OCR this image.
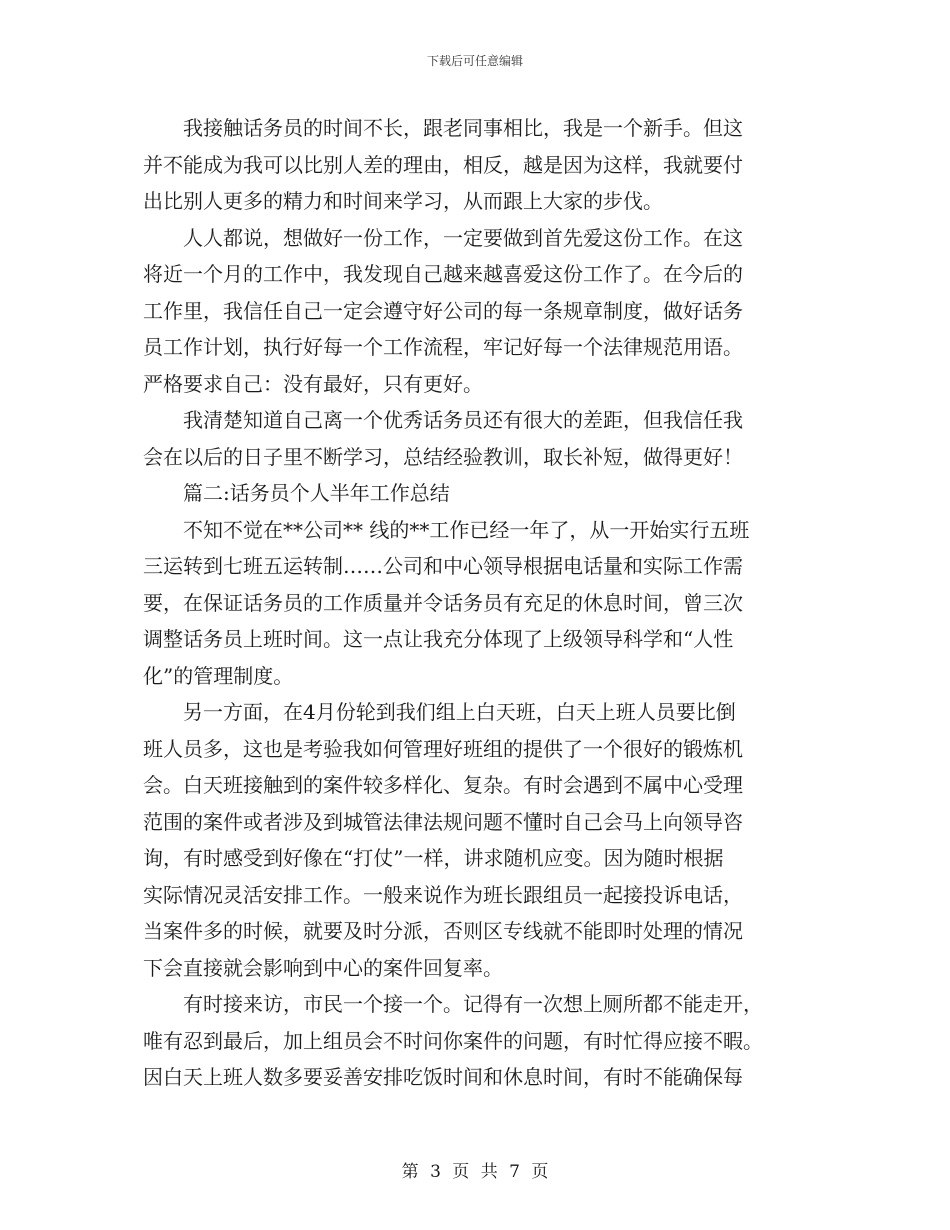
下载后可任意编辑
我接触话务员的时间不长，跟老同事相比，我是一个新手。但这
并不能成为我可以比别人差的理由，相反，越是因为这样，我就要付
出比别人更多的精力和时间来学习，从而跟上大家的步伐。
人人都说，想做好一份工作，一定要做到首先爱这份工作。在这
将近一个月的工作中，我发现自己越来越喜爱这份工作了。在今后的
工作里，我信任自己一定会遵守好公司的每一条规章制度，做好话务
员工作计划，执行好每一个工作流程，牢记好每一个法律规范用语。
严格要求自己：没有最好，只有更好。
我清楚知道自己离一个优秀话务员还有很大的差距，但我信任我
会在以后的日子里不断学习，总结经验教训，取长补短，做得更好！
篇二:话务员个人半年工作总结
不知不觉在**公司** 线的**工作已经一年了，从一开始实行五班
三运转到七班五运转制……公司和中心领导根据电话量和实际工作需
要，在保证话务员的工作质量并令话务员有充足的休息时间，曾三次
调整话务员上班时间。这一点让我充分体现了上级领导科学和“人性
化”的管理制度。
另一方面，在4月份轮到我们组上白天班，白天上班人员要比倒
班人员多，这也是考验我如何管理好班组的提供了一个很好的锻炼机
会。白天班接触到的案件较多样化、复杂。有时会遇到不属中心受理
范围的案件或者涉及到城管法律法规问题不懂时自己会马上向领导咨
询，有时感受到好像在“打仗”一样，讲求随机应变。因为随时根据
实际情况灵活安排工作。一般来说作为班长跟组员一起接投诉电话，
当案件多的时候，就要及时分派，否则区专线就不能即时处理的情况
下会直接就会影响到中心的案件回复率。
有时接来访，市民一个接一个。记得有一次想上厕所都不能走开，
唯有忍到最后，加上组员会不时问你案件的问题，有时忙得应接不暇。
因白天上班人数多要妥善安排吃饭时间和休息时间，有时不能确保每
第 3 页 共 7 页
